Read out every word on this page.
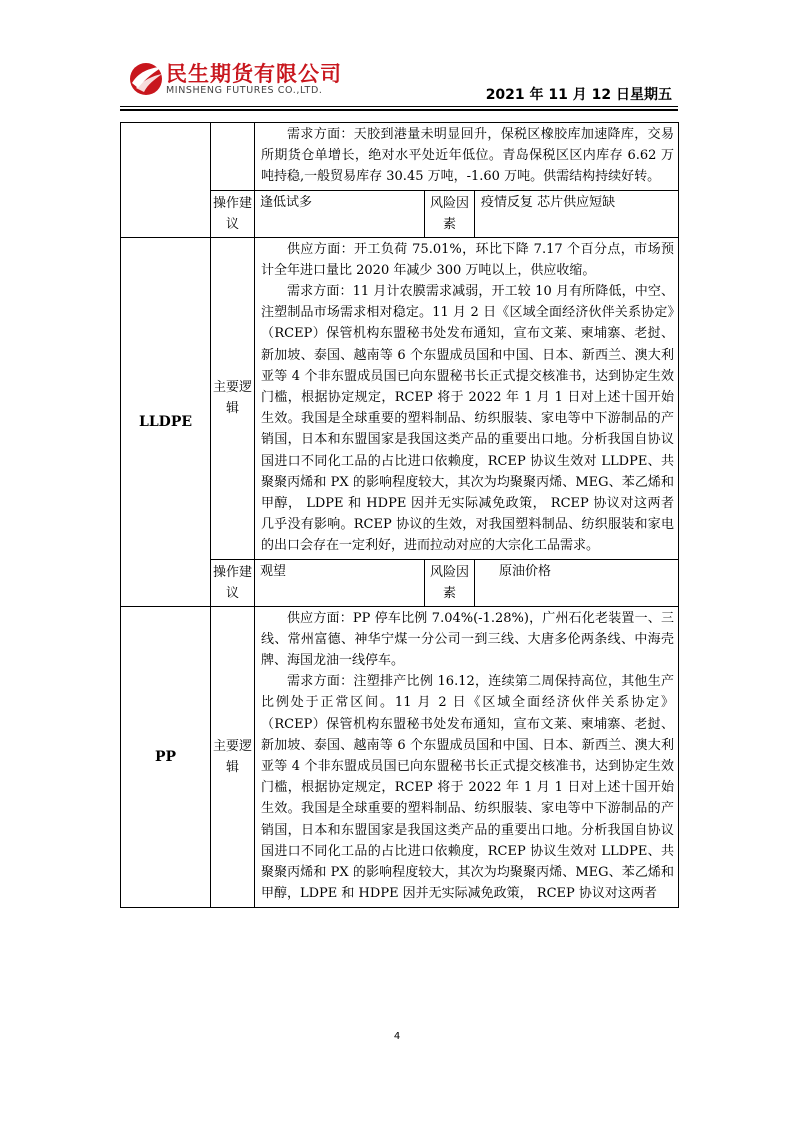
民生期货有限公司
MINSHENG FUTURES CO.,LTD.	2021 年 11 月 12 日星期五

		需求方面：天胶到港量未明显回升，保税区橡胶库加速降库，交易所期货仓单增长，绝对水平处近年低位。青岛保税区区内库存 6.62 万吨持稳,一般贸易库存 30.45 万吨，-1.60 万吨。供需结构持续好转。		

	操作建议	逢低试多	风险因素	疫情反复 芯片供应短缺
LLDPE	主要逻辑	供应方面：开工负荷 75.01%，环比下降 7.17 个百分点，市场预计全年进口量比 2020 年减少 300 万吨以上，供应收缩。

需求方面：11 月计农膜需求减弱，开工较 10 月有所降低，中空、注塑制品市场需求相对稳定。11 月 2 日《区域全面经济伙伴关系协定》（RCEP）保管机构东盟秘书处发布通知，宣布文莱、柬埔寨、老挝、新加坡、泰国、越南等 6 个东盟成员国和中国、日本、新西兰、澳大利亚等 4 个非东盟成员国已向东盟秘书长正式提交核准书，达到协定生效门槛，根据协定规定，RCEP 将于 2022 年 1 月 1 日对上述十国开始生效。我国是全球重要的塑料制品、纺织服装、家电等中下游制品的产销国，日本和东盟国家是我国这类产品的重要出口地。分析我国自协议国进口不同化工品的占比进口依赖度，RCEP 协议生效对 LLDPE、共聚聚丙烯和 PX 的影响程度较大，其次为均聚聚丙烯、MEG、苯乙烯和甲醇， LDPE 和 HDPE 因并无实际减免政策， RCEP 协议对这两者几乎没有影响。RCEP 协议的生效，对我国塑料制品、纺织服装和家电的出口会存在一定利好，进而拉动对应的大宗化工品需求。		

	操作建议	观望	风险因素	原油价格
PP	主要逻辑	供应方面：PP 停车比例 7.04%(-1.28%)，广州石化老装置一、三线、常州富德、神华宁煤一分公司一到三线、大唐多伦两条线、中海壳牌、海国龙油一线停车。

需求方面：注塑排产比例 16.12，连续第二周保持高位，其他生产比例处于正常区间。11 月 2 日《区域全面经济伙伴关系协定》（RCEP）保管机构东盟秘书处发布通知，宣布文莱、柬埔寨、老挝、新加坡、泰国、越南等 6 个东盟成员国和中国、日本、新西兰、澳大利亚等 4 个非东盟成员国已向东盟秘书长正式提交核准书，达到协定生效门槛，根据协定规定，RCEP 将于 2022 年 1 月 1 日对上述十国开始生效。我国是全球重要的塑料制品、纺织服装、家电等中下游制品的产销国，日本和东盟国家是我国这类产品的重要出口地。分析我国自协议国进口不同化工品的占比进口依赖度，RCEP 协议生效对 LLDPE、共聚聚丙烯和 PX 的影响程度较大，其次为均聚聚丙烯、MEG、苯乙烯和甲醇，LDPE 和 HDPE 因并无实际减免政策， RCEP 协议对这两者		

4
